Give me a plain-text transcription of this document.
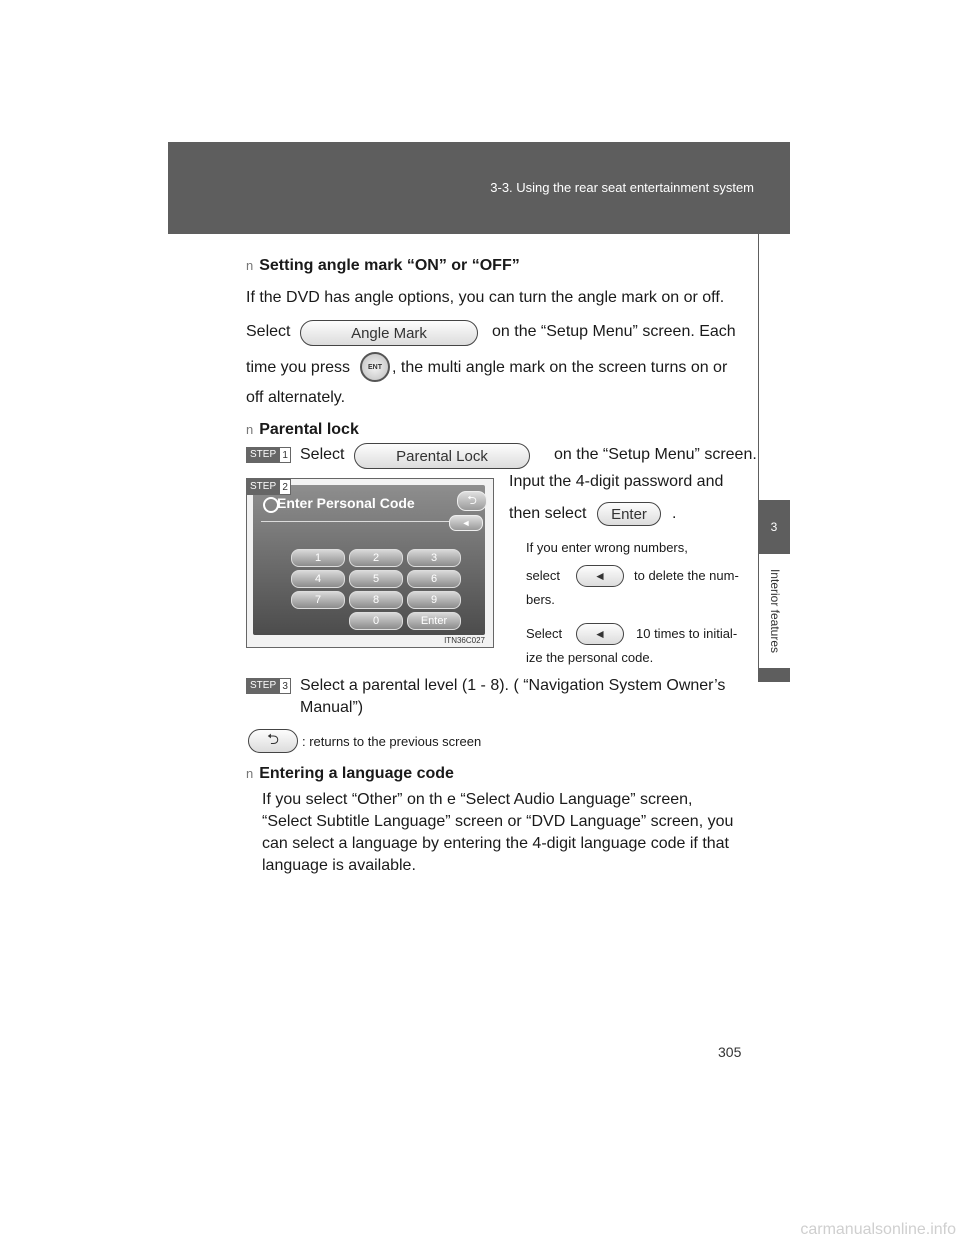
3-3. Using the rear seat entertainment system
3
Interior features
n Setting angle mark “ON” or “OFF”
If the DVD has angle options, you can turn the angle mark on or off.
Select	Angle Mark	on the “Setup Menu” screen. Each
time you press	ENT , the multi angle mark on the screen turns on or
off alternately.
n Parental lock
STEP 1 Select	Parental Lock	on the “Setup Menu” screen.
STEP 2
Enter Personal Code	⮌
◄
1	2	3
4	5	6
7	8	9
0	Enter
ITN36C027
Input the 4-digit password and
then select	Enter	.
If you enter wrong numbers,
select	◄	to delete the num-
bers.
Select	◄	10 times to initial-
ize the personal code.
STEP 3 Select a parental level (1 - 8). ( “Navigation System Owner’s
Manual”)
⮌	: returns to the previous screen
n Entering a language code
If you select “Other” on th e “Select Audio Language” screen,
“Select Subtitle Language” screen or “DVD Language” screen, you
can select a language by entering the 4-digit language code if that
language is available.
305
carmanualsonline.info
